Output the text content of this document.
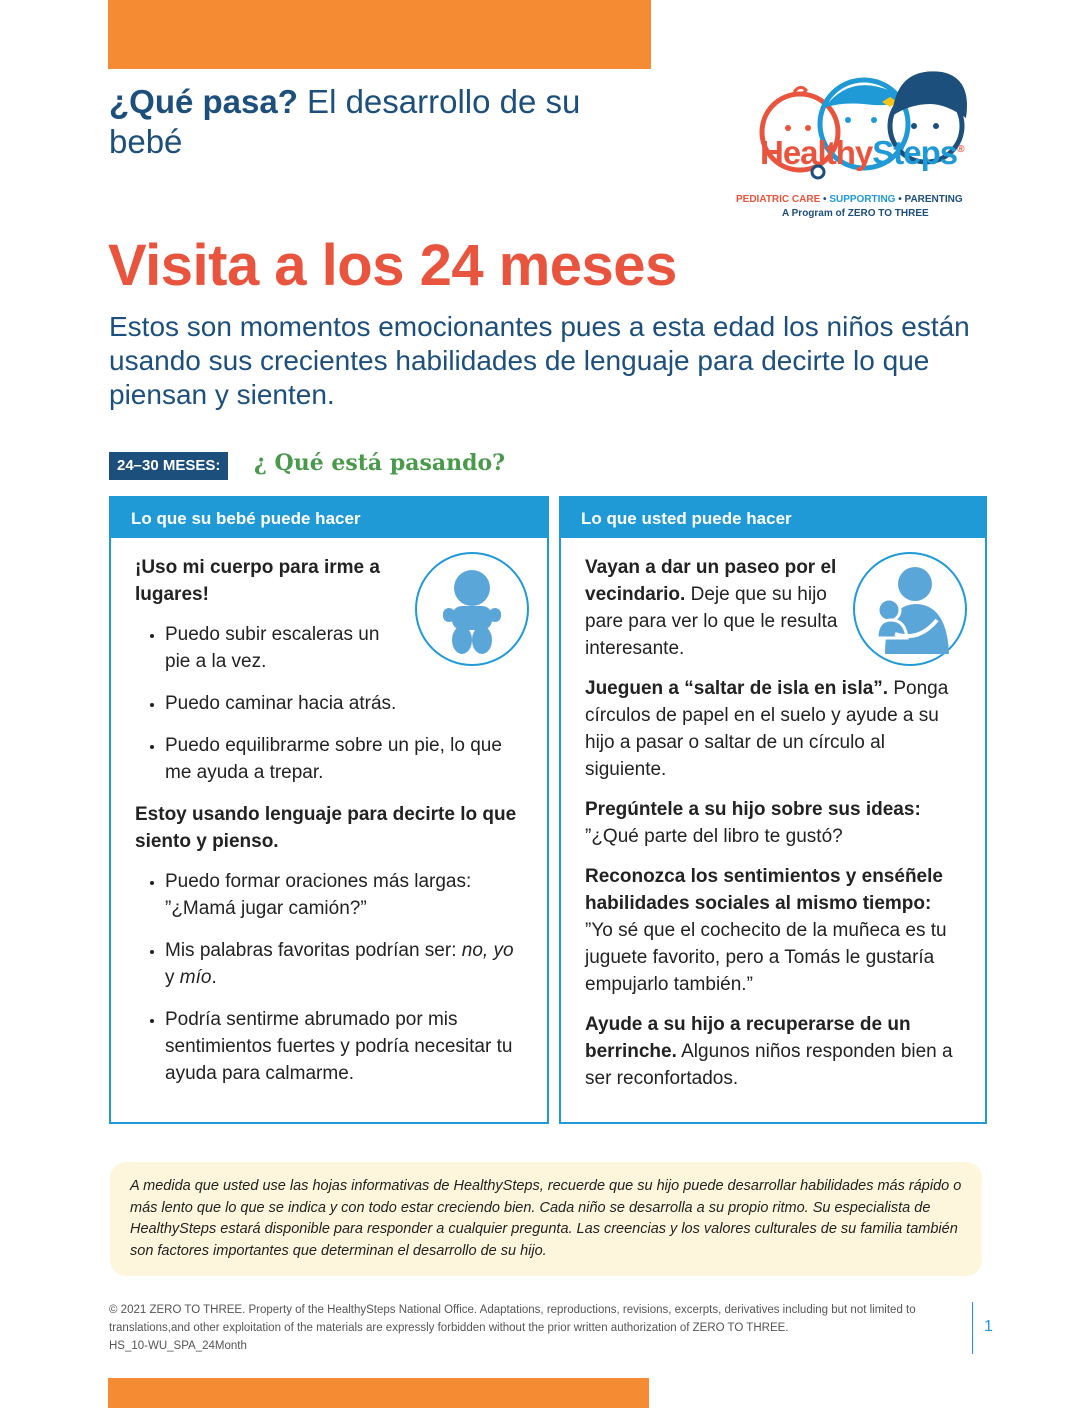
¿Qué pasa? El desarrollo de su bebé	HealthySteps®
PEDIATRIC CARE • SUPPORTING • PARENTING
A Program of ZERO TO THREE
Visita a los 24 meses
Estos son momentos emocionantes pues a esta edad los niños están usando sus crecientes habilidades de lenguaje para decirte lo que piensan y sienten.
24–30 MESES:	¿ Qué está pasando?
Lo que su bebé puede hacer

¡Uso mi cuerpo para irme a lugares!

• Puedo subir escaleras un pie a la vez.
• Puedo caminar hacia atrás.
• Puedo equilibrarme sobre un pie, lo que me ayuda a trepar.

Estoy usando lenguaje para decirte lo que siento y pienso.

• Puedo formar oraciones más largas: ”¿Mamá jugar camión?”
• Mis palabras favoritas podrían ser: no, yo y mío.
• Podría sentirme abrumado por mis sentimientos fuertes y podría necesitar tu ayuda para calmarme.
Lo que usted puede hacer

Vayan a dar un paseo por el vecindario. Deje que su hijo pare para ver lo que le resulta interesante.

Jueguen a “saltar de isla en isla”. Ponga círculos de papel en el suelo y ayude a su hijo a pasar o saltar de un círculo al siguiente.

Pregúntele a su hijo sobre sus ideas: ”¿Qué parte del libro te gustó?

Reconozca los sentimientos y enséñele habilidades sociales al mismo tiempo: ”Yo sé que el cochecito de la muñeca es tu juguete favorito, pero a Tomás le gustaría empujarlo también.”

Ayude a su hijo a recuperarse de un berrinche. Algunos niños responden bien a ser reconfortados.

A medida que usted use las hojas informativas de HealthySteps, recuerde que su hijo puede desarrollar habilidades más rápido o más lento que lo que se indica y con todo estar creciendo bien. Cada niño se desarrolla a su propio ritmo. Su especialista de HealthySteps estará disponible para responder a cualquier pregunta. Las creencias y los valores culturales de su familia también son factores importantes que determinan el desarrollo de su hijo.
© 2021 ZERO TO THREE. Property of the HealthySteps National Office. Adaptations, reproductions, revisions, excerpts, derivatives including but not limited to
translations,and other exploitation of the materials are expressly forbidden without the prior written authorization of ZERO TO THREE.
HS_10-WU_SPA_24Month
1
